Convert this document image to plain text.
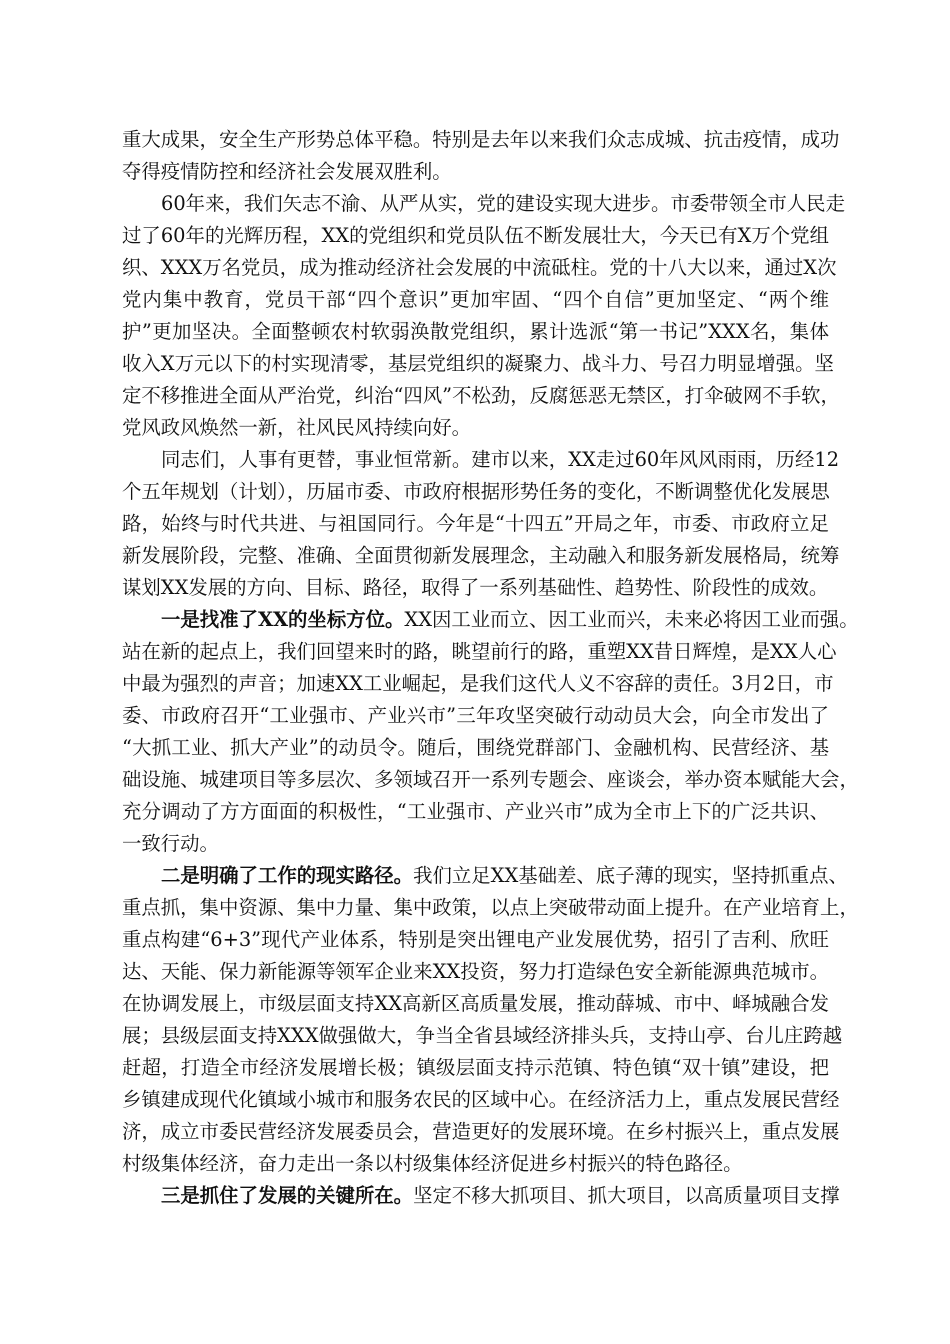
重大成果，安全生产形势总体平稳。特别是去年以来我们众志成城、抗击疫情，成功
夺得疫情防控和经济社会发展双胜利。
60年来，我们矢志不渝、从严从实，党的建设实现大进步。市委带领全市人民走
过了60年的光辉历程，XX的党组织和党员队伍不断发展壮大，今天已有X万个党组
织、XXX万名党员，成为推动经济社会发展的中流砥柱。党的十八大以来，通过X次
党内集中教育，党员干部“四个意识”更加牢固、“四个自信”更加坚定、“两个维
护”更加坚决。全面整顿农村软弱涣散党组织，累计选派“第一书记”XXX名，集体
收入X万元以下的村实现清零，基层党组织的凝聚力、战斗力、号召力明显增强。坚
定不移推进全面从严治党，纠治“四风”不松劲，反腐惩恶无禁区，打伞破网不手软，
党风政风焕然一新，社风民风持续向好。
同志们，人事有更替，事业恒常新。建市以来，XX走过60年风风雨雨，历经12
个五年规划（计划），历届市委、市政府根据形势任务的变化，不断调整优化发展思
路，始终与时代共进、与祖国同行。今年是“十四五”开局之年，市委、市政府立足
新发展阶段，完整、准确、全面贯彻新发展理念，主动融入和服务新发展格局，统筹
谋划XX发展的方向、目标、路径，取得了一系列基础性、趋势性、阶段性的成效。
一是找准了XX的坐标方位。XX因工业而立、因工业而兴，未来必将因工业而强。
站在新的起点上，我们回望来时的路，眺望前行的路，重塑XX昔日辉煌，是XX人心
中最为强烈的声音；加速XX工业崛起，是我们这代人义不容辞的责任。3月2日，市
委、市政府召开“工业强市、产业兴市”三年攻坚突破行动动员大会，向全市发出了
“大抓工业、抓大产业”的动员令。随后，围绕党群部门、金融机构、民营经济、基
础设施、城建项目等多层次、多领域召开一系列专题会、座谈会，举办资本赋能大会，
充分调动了方方面面的积极性，“工业强市、产业兴市”成为全市上下的广泛共识、
一致行动。
二是明确了工作的现实路径。我们立足XX基础差、底子薄的现实，坚持抓重点、
重点抓，集中资源、集中力量、集中政策，以点上突破带动面上提升。在产业培育上，
重点构建“6+3”现代产业体系，特别是突出锂电产业发展优势，招引了吉利、欣旺
达、天能、保力新能源等领军企业来XX投资，努力打造绿色安全新能源典范城市。
在协调发展上，市级层面支持XX高新区高质量发展，推动薛城、市中、峄城融合发
展；县级层面支持XXX做强做大，争当全省县域经济排头兵，支持山亭、台儿庄跨越
赶超，打造全市经济发展增长极；镇级层面支持示范镇、特色镇“双十镇”建设，把
乡镇建成现代化镇域小城市和服务农民的区域中心。在经济活力上，重点发展民营经
济，成立市委民营经济发展委员会，营造更好的发展环境。在乡村振兴上，重点发展
村级集体经济，奋力走出一条以村级集体经济促进乡村振兴的特色路径。
三是抓住了发展的关键所在。坚定不移大抓项目、抓大项目，以高质量项目支撑
